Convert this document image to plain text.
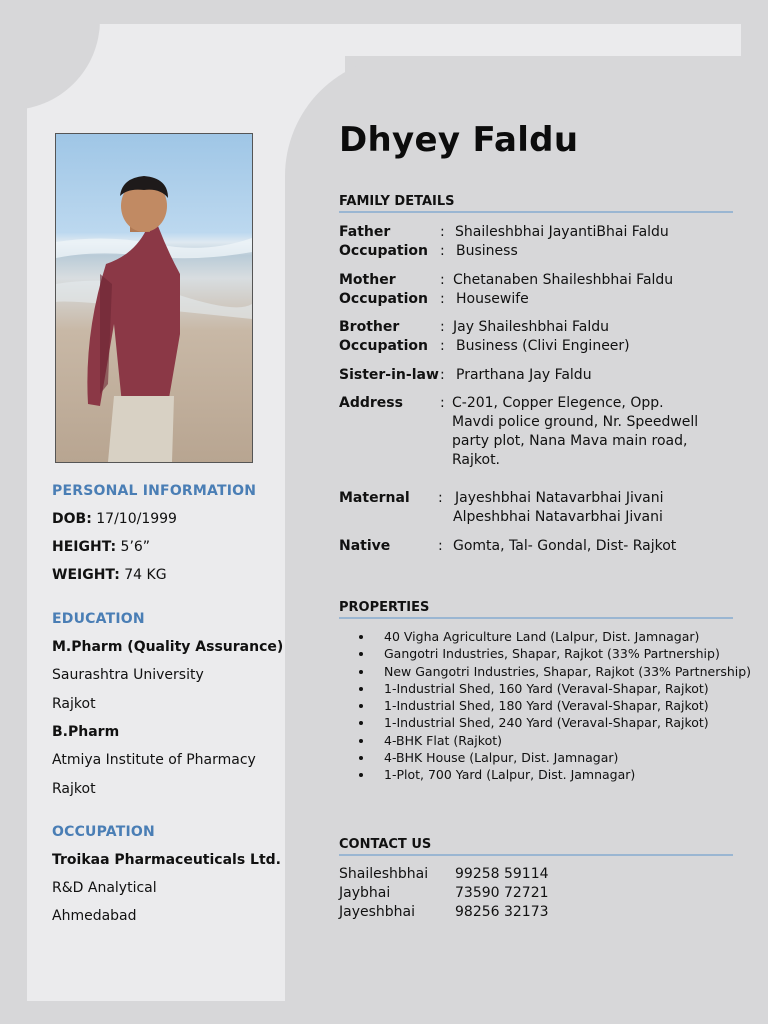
PERSONAL INFORMATION
DOB: 17/10/1999
HEIGHT: 5’6”
WEIGHT: 74 KG
EDUCATION
M.Pharm (Quality Assurance)
Saurashtra University
Rajkot
B.Pharm
Atmiya Institute of Pharmacy
Rajkot
OCCUPATION
Troikaa Pharmaceuticals Ltd.
R&D Analytical
Ahmedabad
Dhyey Faldu
FAMILY DETAILS
Father	: Shaileshbhai JayantiBhai Faldu
Occupation : Business
Mother	: Chetanaben Shaileshbhai Faldu
Occupation : Housewife
Brother	: Jay Shaileshbhai Faldu
Occupation : Business (Clivi Engineer)
Sister-in-law : Prarthana Jay Faldu
Address	: C-201, Copper Elegence, Opp.
Mavdi police ground, Nr. Speedwell
party plot, Nana Mava main road,
Rajkot.
Maternal	: Jayeshbhai Natavarbhai Jivani
Alpeshbhai Natavarbhai Jivani
Native	: Gomta, Tal- Gondal, Dist- Rajkot
PROPERTIES
40 Vigha Agriculture Land (Lalpur, Dist. Jamnagar)
Gangotri Industries, Shapar, Rajkot (33% Partnership)
New Gangotri Industries, Shapar, Rajkot (33% Partnership)
1-Industrial Shed, 160 Yard (Veraval-Shapar, Rajkot)
1-Industrial Shed, 180 Yard (Veraval-Shapar, Rajkot)
1-Industrial Shed, 240 Yard (Veraval-Shapar, Rajkot)
4-BHK Flat (Rajkot)
4-BHK House (Lalpur, Dist. Jamnagar)
1-Plot, 700 Yard (Lalpur, Dist. Jamnagar)
CONTACT US
Shaileshbhai 99258 59114
Jaybhai	73590 72721
Jayeshbhai	98256 32173
